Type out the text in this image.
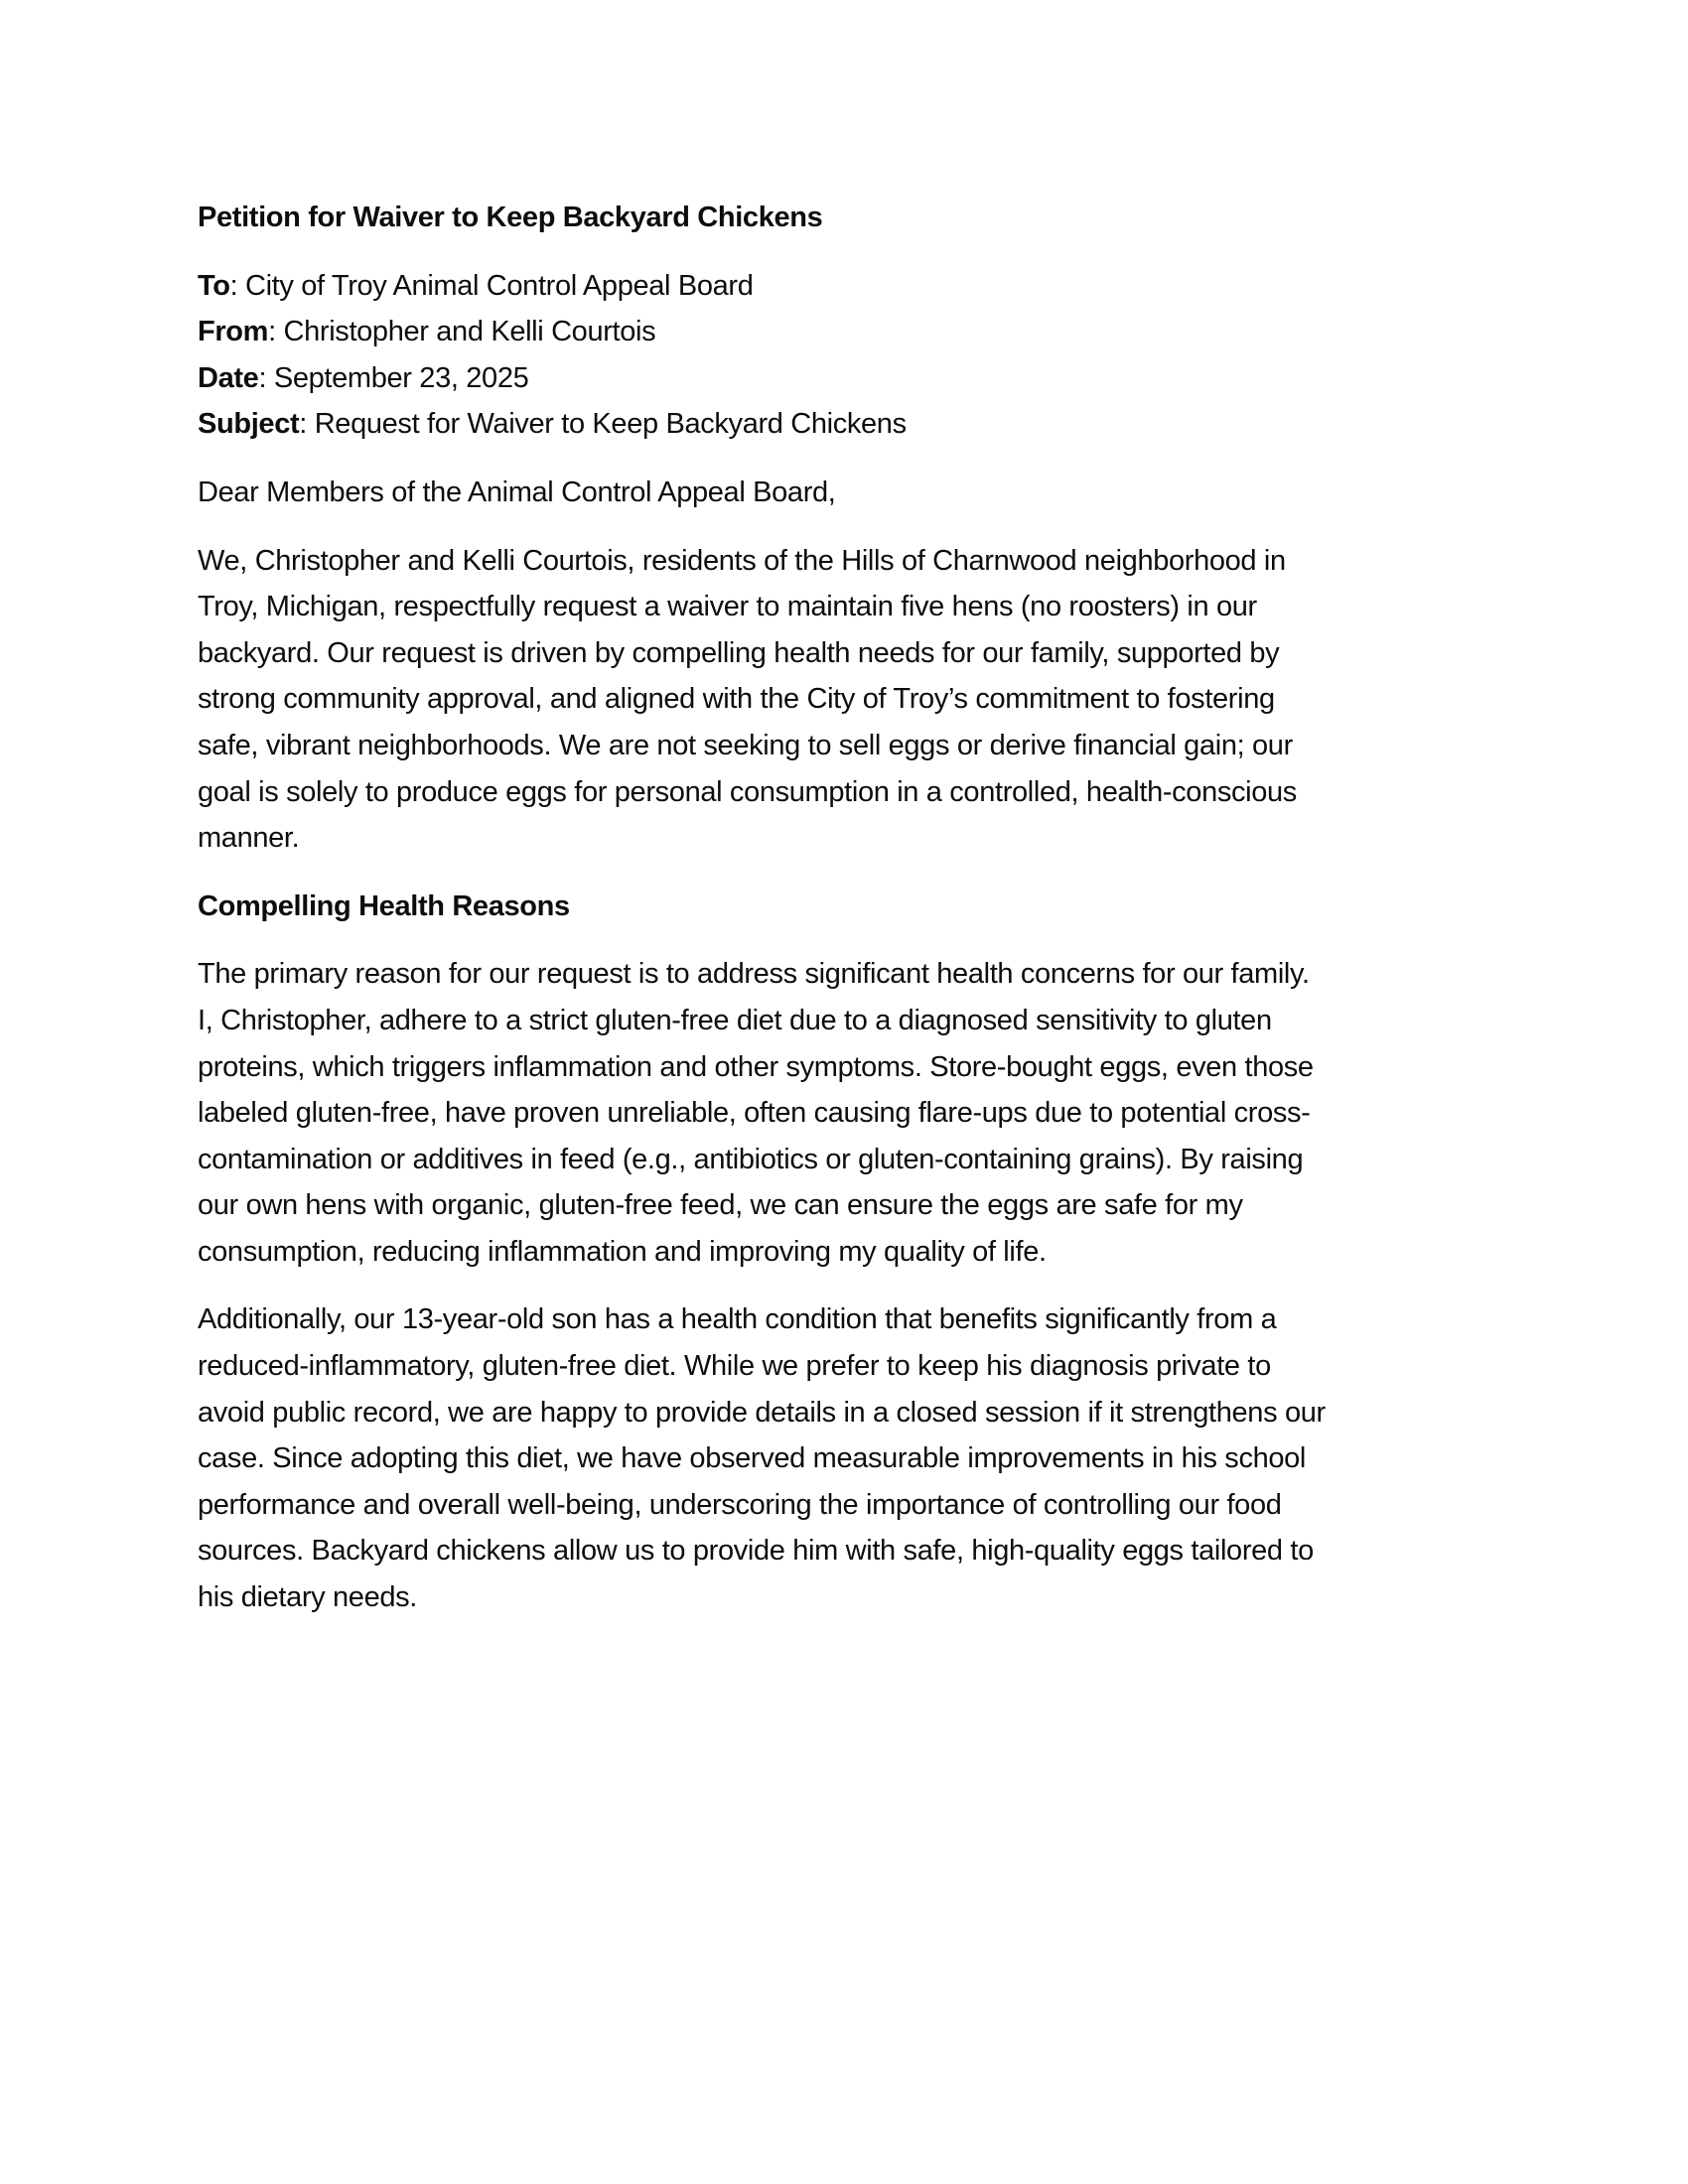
Petition for Waiver to Keep Backyard Chickens
To: City of Troy Animal Control Appeal Board
From: Christopher and Kelli Courtois
Date: September 23, 2025
Subject: Request for Waiver to Keep Backyard Chickens
Dear Members of the Animal Control Appeal Board,
We, Christopher and Kelli Courtois, residents of the Hills of Charnwood neighborhood in
Troy, Michigan, respectfully request a waiver to maintain five hens (no roosters) in our
backyard. Our request is driven by compelling health needs for our family, supported by
strong community approval, and aligned with the City of Troy’s commitment to fostering
safe, vibrant neighborhoods. We are not seeking to sell eggs or derive financial gain; our
goal is solely to produce eggs for personal consumption in a controlled, health-conscious
manner.
Compelling Health Reasons
The primary reason for our request is to address significant health concerns for our family.
I, Christopher, adhere to a strict gluten-free diet due to a diagnosed sensitivity to gluten
proteins, which triggers inflammation and other symptoms. Store-bought eggs, even those
labeled gluten-free, have proven unreliable, often causing flare-ups due to potential cross-
contamination or additives in feed (e.g., antibiotics or gluten-containing grains). By raising
our own hens with organic, gluten-free feed, we can ensure the eggs are safe for my
consumption, reducing inflammation and improving my quality of life.
Additionally, our 13-year-old son has a health condition that benefits significantly from a
reduced-inflammatory, gluten-free diet. While we prefer to keep his diagnosis private to
avoid public record, we are happy to provide details in a closed session if it strengthens our
case. Since adopting this diet, we have observed measurable improvements in his school
performance and overall well-being, underscoring the importance of controlling our food
sources. Backyard chickens allow us to provide him with safe, high-quality eggs tailored to
his dietary needs.
